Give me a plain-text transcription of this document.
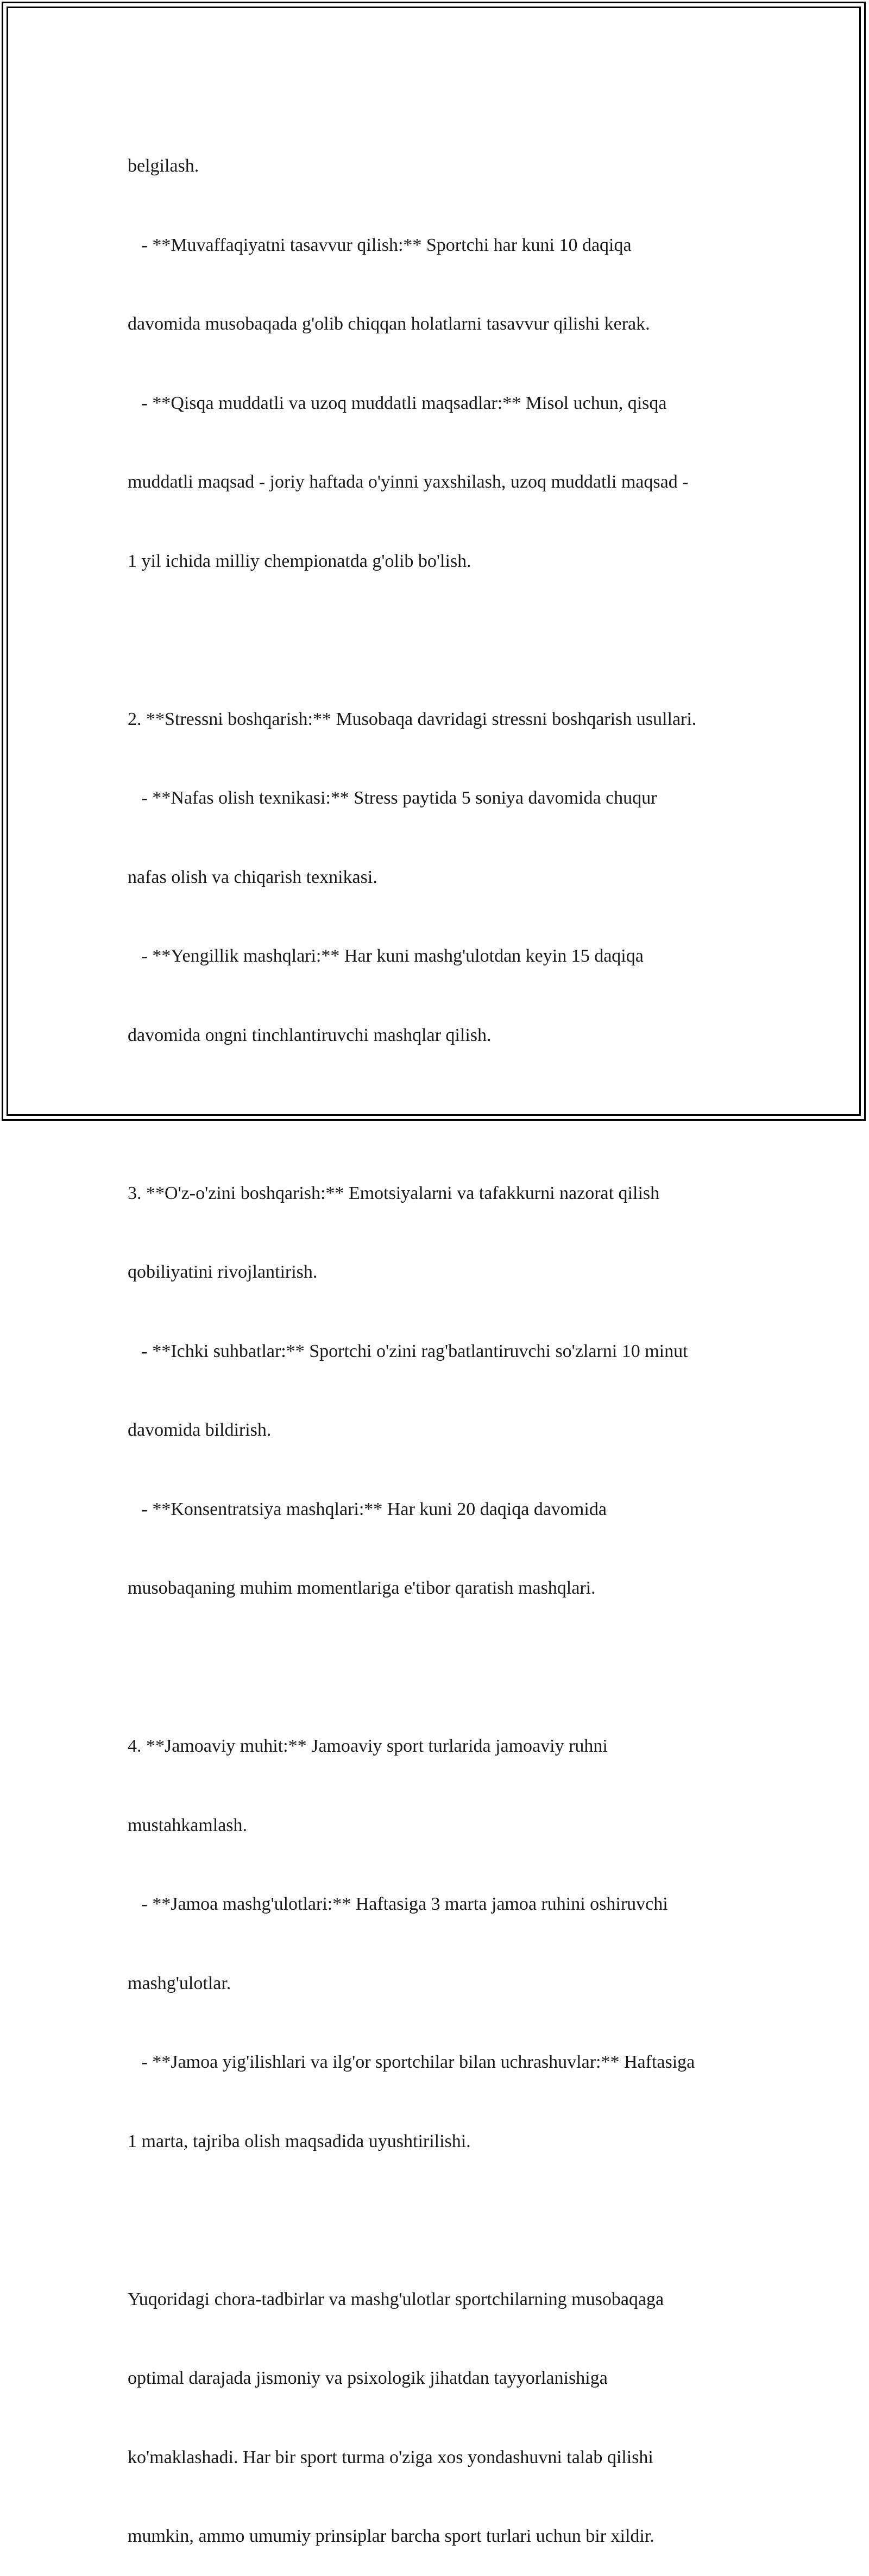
belgilash.

- **Muvaffaqiyatni tasavvur qilish:** Sportchi har kuni 10 daqiqa

davomida musobaqada g'olib chiqqan holatlarni tasavvur qilishi kerak.

- **Qisqa muddatli va uzoq muddatli maqsadlar:** Misol uchun, qisqa

muddatli maqsad - joriy haftada o'yinni yaxshilash, uzoq muddatli maqsad -

1 yil ichida milliy chempionatda g'olib bo'lish.

2. **Stressni boshqarish:** Musobaqa davridagi stressni boshqarish usullari.

- **Nafas olish texnikasi:** Stress paytida 5 soniya davomida chuqur

nafas olish va chiqarish texnikasi.

- **Yengillik mashqlari:** Har kuni mashg'ulotdan keyin 15 daqiqa

davomida ongni tinchlantiruvchi mashqlar qilish.

3. **O'z-o'zini boshqarish:** Emotsiyalarni va tafakkurni nazorat qilish

qobiliyatini rivojlantirish.

- **Ichki suhbatlar:** Sportchi o'zini rag'batlantiruvchi so'zlarni 10 minut

davomida bildirish.

- **Konsentratsiya mashqlari:** Har kuni 20 daqiqa davomida

musobaqaning muhim momentlariga e'tibor qaratish mashqlari.

4. **Jamoaviy muhit:** Jamoaviy sport turlarida jamoaviy ruhni

mustahkamlash.

- **Jamoa mashg'ulotlari:** Haftasiga 3 marta jamoa ruhini oshiruvchi

mashg'ulotlar.

- **Jamoa yig'ilishlari va ilg'or sportchilar bilan uchrashuvlar:** Haftasiga

1 marta, tajriba olish maqsadida uyushtirilishi.

Yuqoridagi chora-tadbirlar va mashg'ulotlar sportchilarning musobaqaga

optimal darajada jismoniy va psixologik jihatdan tayyorlanishiga

ko'maklashadi. Har bir sport turma o'ziga xos yondashuvni talab qilishi

mumkin, ammo umumiy prinsiplar barcha sport turlari uchun bir xildir.
